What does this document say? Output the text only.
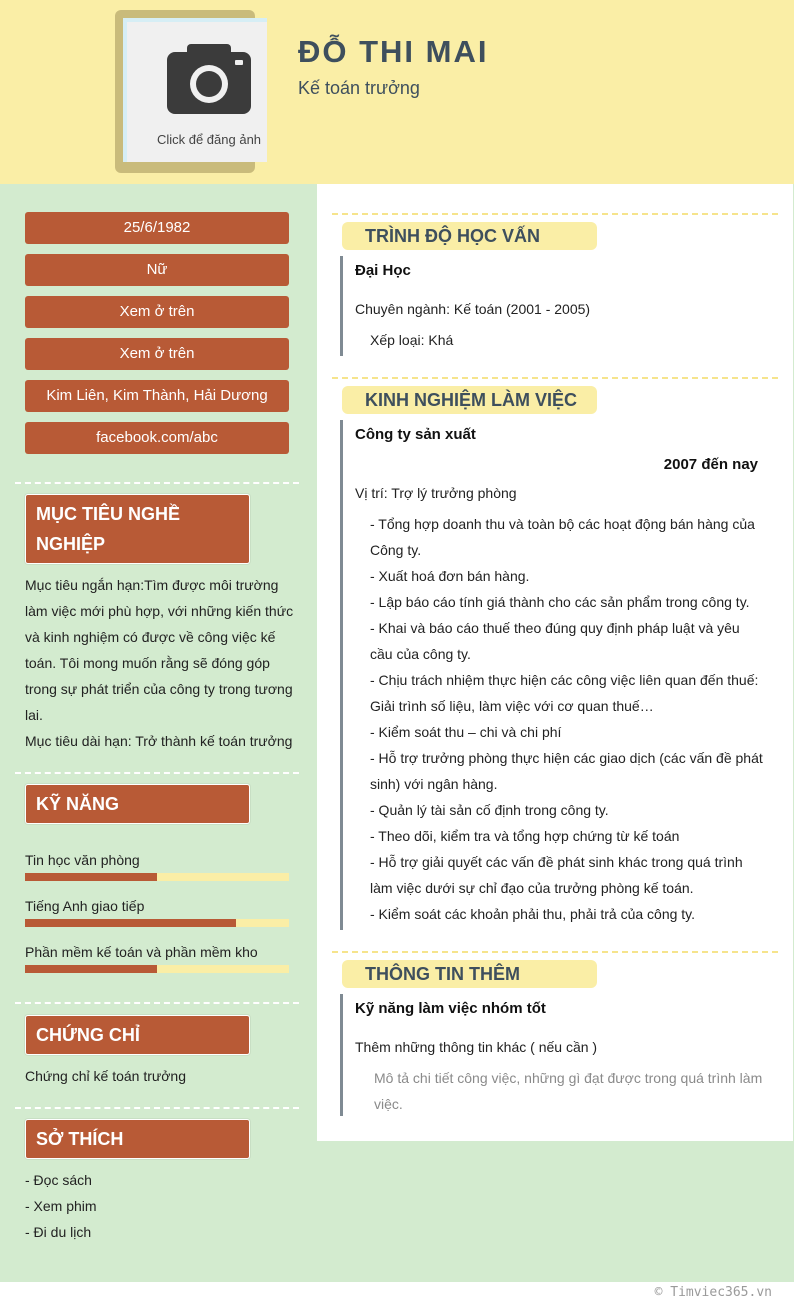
Click để đăng ảnh
ĐỖ THI MAI
Kế toán trưởng
25/6/1982
Nữ
Xem ở trên
Xem ở trên
Kim Liên, Kim Thành, Hải Dương
facebook.com/abc
MỤC TIÊU NGHỀ NGHIỆP
Mục tiêu ngắn hạn:Tìm được môi trường làm việc mới phù hợp, với những kiến thức và kinh nghiệm có được về công việc kế toán. Tôi mong muốn rằng sẽ đóng góp trong sự phát triển của công ty trong tương lai.
Mục tiêu dài hạn: Trở thành kế toán trưởng
KỸ NĂNG
Tin học văn phòng
Tiếng Anh giao tiếp
Phần mềm kế toán và phần mềm kho
CHỨNG CHỈ
Chứng chỉ kế toán trưởng
SỞ THÍCH
- Đọc sách
- Xem phim
- Đi du lịch
TRÌNH ĐỘ HỌC VẤN
Đại Học
Chuyên ngành: Kế toán (2001 - 2005)
Xếp loại: Khá
KINH NGHIỆM LÀM VIỆC
Công ty sản xuất
2007 đến nay
Vị trí: Trợ lý trưởng phòng
- Tổng hợp doanh thu và toàn bộ các hoạt động bán hàng của Công ty.
- Xuất hoá đơn bán hàng.
- Lập báo cáo tính giá thành cho các sản phẩm trong công ty.
- Khai và báo cáo thuế theo đúng quy định pháp luật và yêu cầu của công ty.
- Chịu trách nhiệm thực hiện các công việc liên quan đến thuế: Giải trình số liệu, làm việc với cơ quan thuế…
- Kiểm soát thu – chi và chi phí
- Hỗ trợ trưởng phòng thực hiện các giao dịch (các vấn đề phát sinh) với ngân hàng.
- Quản lý tài sản cố định trong công ty.
- Theo dõi, kiểm tra và tổng hợp chứng từ kế toán
- Hỗ trợ giải quyết các vấn đề phát sinh khác trong quá trình làm việc dưới sự chỉ đạo của trưởng phòng kế toán.
- Kiểm soát các khoản phải thu, phải trả của công ty.
THÔNG TIN THÊM
Kỹ năng làm việc nhóm tốt
Thêm những thông tin khác ( nếu cần )
Mô tả chi tiết công việc, những gì đạt được trong quá trình làm việc.
© Timviec365.vn
